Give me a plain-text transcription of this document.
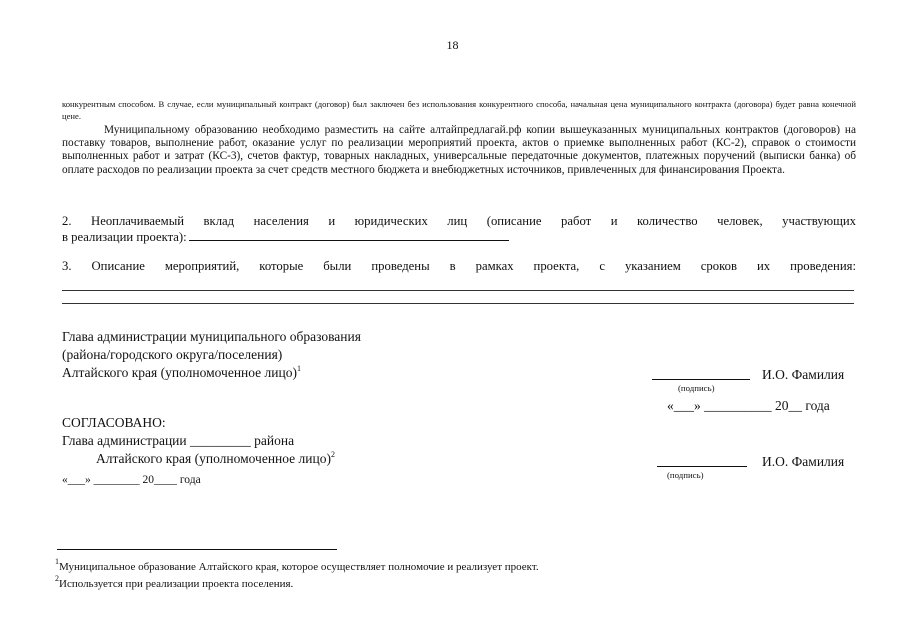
18
конкурентным способом. В случае, если муниципальный контракт (договор) был заключен без использования конкурентного способа, начальная цена муниципального контракта (договора) будет равна конечной цене.
Муниципальному образованию необходимо разместить на сайте алтайпредлагай.рф копии вышеуказанных муниципальных контрактов (договоров) на поставку товаров, выполнение работ, оказание услуг по реализации мероприятий проекта, актов о приемке выполненных работ (КС-2), справок о стоимости выполненных работ и затрат (КС-3), счетов фактур, товарных накладных, универсальные передаточные документов, платежных поручений (выписки банка) об оплате расходов по реализации проекта за счет средств местного бюджета и внебюджетных источников, привлеченных для финансирования Проекта.
2. Неоплачиваемый вклад населения и юридических лиц (описание работ и количество человек, участвующих
в реализации проекта):
3. Описание мероприятий, которые были проведены в рамках проекта, с указанием сроков их проведения:
Глава администрации муниципального образования
(района/городского округа/поселения)
Алтайского края (уполномоченное лицо)$^1$	И.О. Фамилия
(подпись)
«___» __________ 20__ года
СОГЛАСОВАНО:
Глава администрации _________ района
Алтайского края (уполномоченное лицо)$^2$	И.О. Фамилия
(подпись)
«___» ________ 20____ года
$^1$Муниципальное образование Алтайского края, которое осуществляет полномочие и реализует проект.
$^2$Используется при реализации проекта поселения.
